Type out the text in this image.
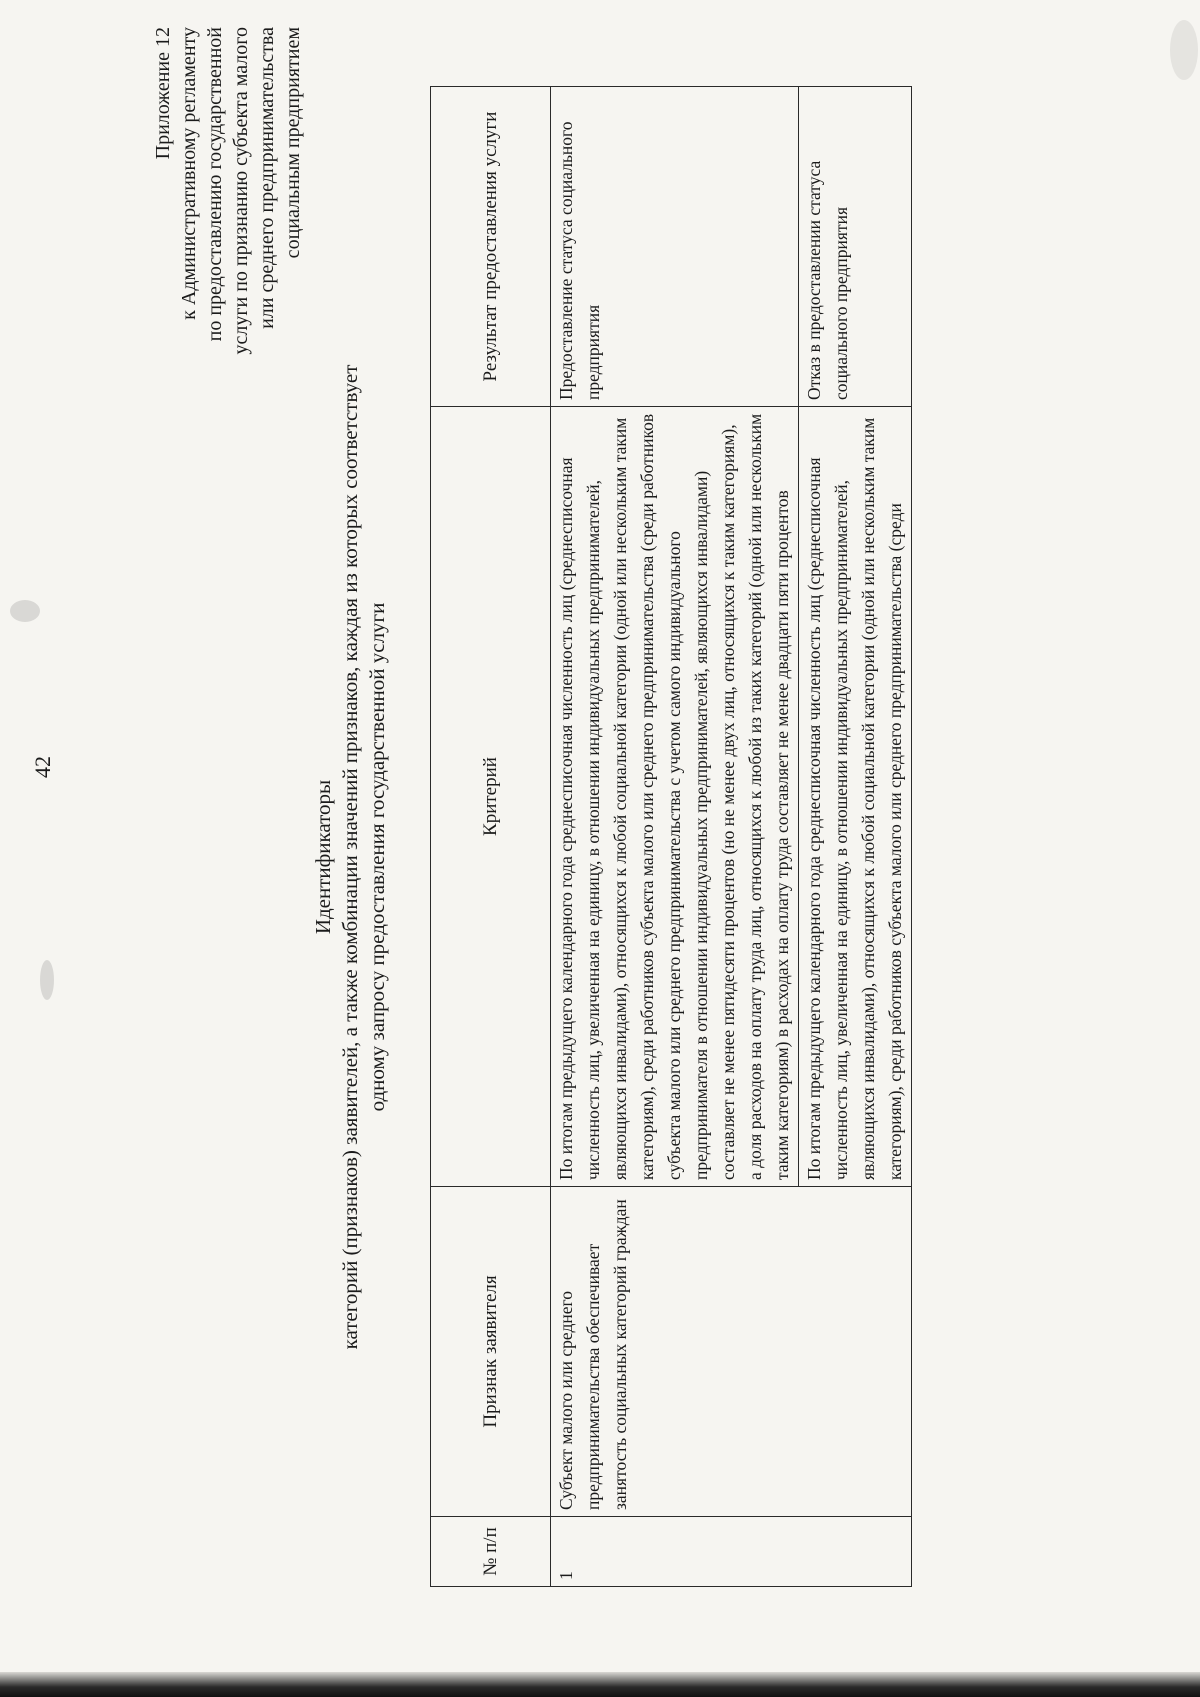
42
Приложение 12 к Административному регламенту по предоставлению государственной услуги по признанию субъекта малого или среднего предпринимательства социальным предприятием
Идентификаторы категорий (признаков) заявителей, а также комбинации значений признаков, каждая из которых соответствует одному запросу предоставления государственной услуги
№ п/п	Признак заявителя	Критерий	Результат предоставления услуги
1	Субъект малого или среднего предпринимательства обеспечивает занятость социальных категорий граждан	По итогам предыдущего календарного года среднесписочная численность лиц (среднесписочная численность лиц, увеличенная на единицу, в отношении индивидуальных предпринимателей, являющихся инвалидами), относящихся к любой социальной категории (одной или нескольким таким категориям), среди работников субъекта малого или среднего предпринимательства (среди работников субъекта малого или среднего предпринимательства с учетом самого индивидуального предпринимателя в отношении индивидуальных предпринимателей, являющихся инвалидами) составляет не менее пятидесяти процентов (но не менее двух лиц, относящихся к таким категориям), а доля расходов на оплату труда лиц, относящихся к любой из таких категорий (одной или нескольким таким категориям) в расходах на оплату труда составляет не менее двадцати пяти процентов	Предоставление статуса социального предприятия
		По итогам предыдущего календарного года среднесписочная численность лиц (среднесписочная численность лиц, увеличенная на единицу, в отношении индивидуальных предпринимателей, являющихся инвалидами), относящихся к любой социальной категории (одной или нескольким таким категориям), среди работников субъекта малого или среднего предпринимательства (среди	Отказ в предоставлении статуса социального предприятия
